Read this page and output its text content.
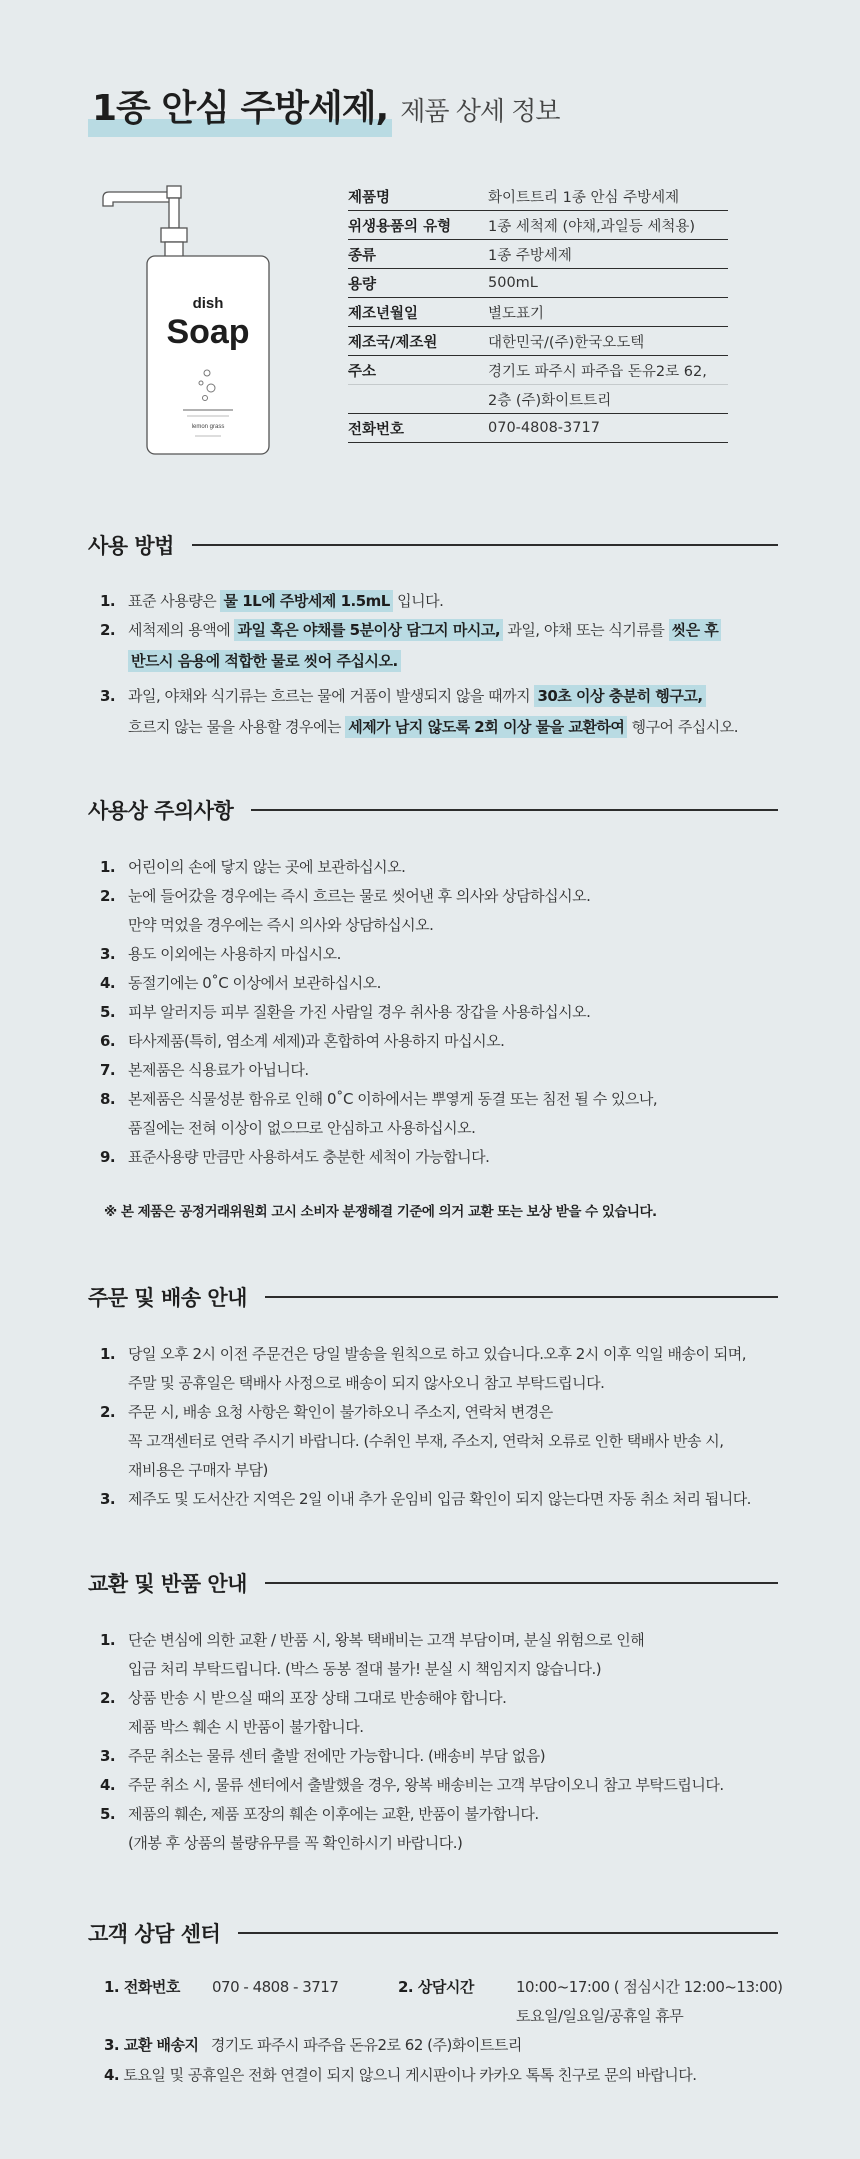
1종 안심 주방세제, 제품 상세 정보
dish
Soap
lemon grass
제품명	화이트트리 1종 안심 주방세제
위생용품의 유형	1종 세척제 (야채,과일등 세척용)
종류	1종 주방세제
용량	500mL
제조년월일	별도표기
제조국/제조원	대한민국/(주)한국오도텍
주소	경기도 파주시 파주읍 돈유2로 62,
2층 (주)화이트트리
전화번호	070-4808-3717
사용 방법
1. 표준 사용량은 물 1L에 주방세제 1.5mL 입니다.
2. 세척제의 용액에 과일 혹은 야채를 5분이상 담그지 마시고, 과일, 야채 또는 식기류를 씻은 후
반드시 음용에 적합한 물로 씻어 주십시오.
3. 과일, 야채와 식기류는 흐르는 물에 거품이 발생되지 않을 때까지 30초 이상 충분히 헹구고,
흐르지 않는 물을 사용할 경우에는 세제가 남지 않도록 2회 이상 물을 교환하여 헹구어 주십시오.
사용상 주의사항
1. 어린이의 손에 닿지 않는 곳에 보관하십시오.
2. 눈에 들어갔을 경우에는 즉시 흐르는 물로 씻어낸 후 의사와 상담하십시오.
만약 먹었을 경우에는 즉시 의사와 상담하십시오.
3. 용도 이외에는 사용하지 마십시오.
4. 동절기에는 0˚C 이상에서 보관하십시오.
5. 피부 알러지등 피부 질환을 가진 사람일 경우 취사용 장갑을 사용하십시오.
6. 타사제품(특히, 염소계 세제)과 혼합하여 사용하지 마십시오.
7. 본제품은 식용료가 아닙니다.
8. 본제품은 식물성분 함유로 인해 0˚C 이하에서는 뿌옇게 동결 또는 침전 될 수 있으나,
품질에는 전혀 이상이 없으므로 안심하고 사용하십시오.
9. 표준사용량 만큼만 사용하셔도 충분한 세척이 가능합니다.
※ 본 제품은 공정거래위원회 고시 소비자 분쟁해결 기준에 의거 교환 또는 보상 받을 수 있습니다.
주문 및 배송 안내
1. 당일 오후 2시 이전 주문건은 당일 발송을 원칙으로 하고 있습니다.오후 2시 이후 익일 배송이 되며,
주말 및 공휴일은 택배사 사정으로 배송이 되지 않사오니 참고 부탁드립니다.
2. 주문 시, 배송 요청 사항은 확인이 불가하오니 주소지, 연락처 변경은
꼭 고객센터로 연락 주시기 바랍니다. (수취인 부재, 주소지, 연락처 오류로 인한 택배사 반송 시,
재비용은 구매자 부담)
3. 제주도 및 도서산간 지역은 2일 이내 추가 운임비 입금 확인이 되지 않는다면 자동 취소 처리 됩니다.
교환 및 반품 안내
1. 단순 변심에 의한 교환 / 반품 시, 왕복 택배비는 고객 부담이며, 분실 위험으로 인해
입금 처리 부탁드립니다. (박스 동봉 절대 불가! 분실 시 책임지지 않습니다.)
2. 상품 반송 시 받으실 때의 포장 상태 그대로 반송해야 합니다.
제품 박스 훼손 시 반품이 불가합니다.
3. 주문 취소는 물류 센터 출발 전에만 가능합니다. (배송비 부담 없음)
4. 주문 취소 시, 물류 센터에서 출발했을 경우, 왕복 배송비는 고객 부담이오니 참고 부탁드립니다.
5. 제품의 훼손, 제품 포장의 훼손 이후에는 교환, 반품이 불가합니다.
(개봉 후 상품의 불량유무를 꼭 확인하시기 바랍니다.)
고객 상담 센터
1. 전화번호	070 - 4808 - 3717	2. 상담시간	10:00~17:00 ( 점심시간 12:00~13:00)
토요일/일요일/공휴일 휴무
3. 교환 배송지 경기도 파주시 파주읍 돈유2로 62 (주)화이트트리
4. 토요일 및 공휴일은 전화 연결이 되지 않으니 게시판이나 카카오 톡톡 친구로 문의 바랍니다.
